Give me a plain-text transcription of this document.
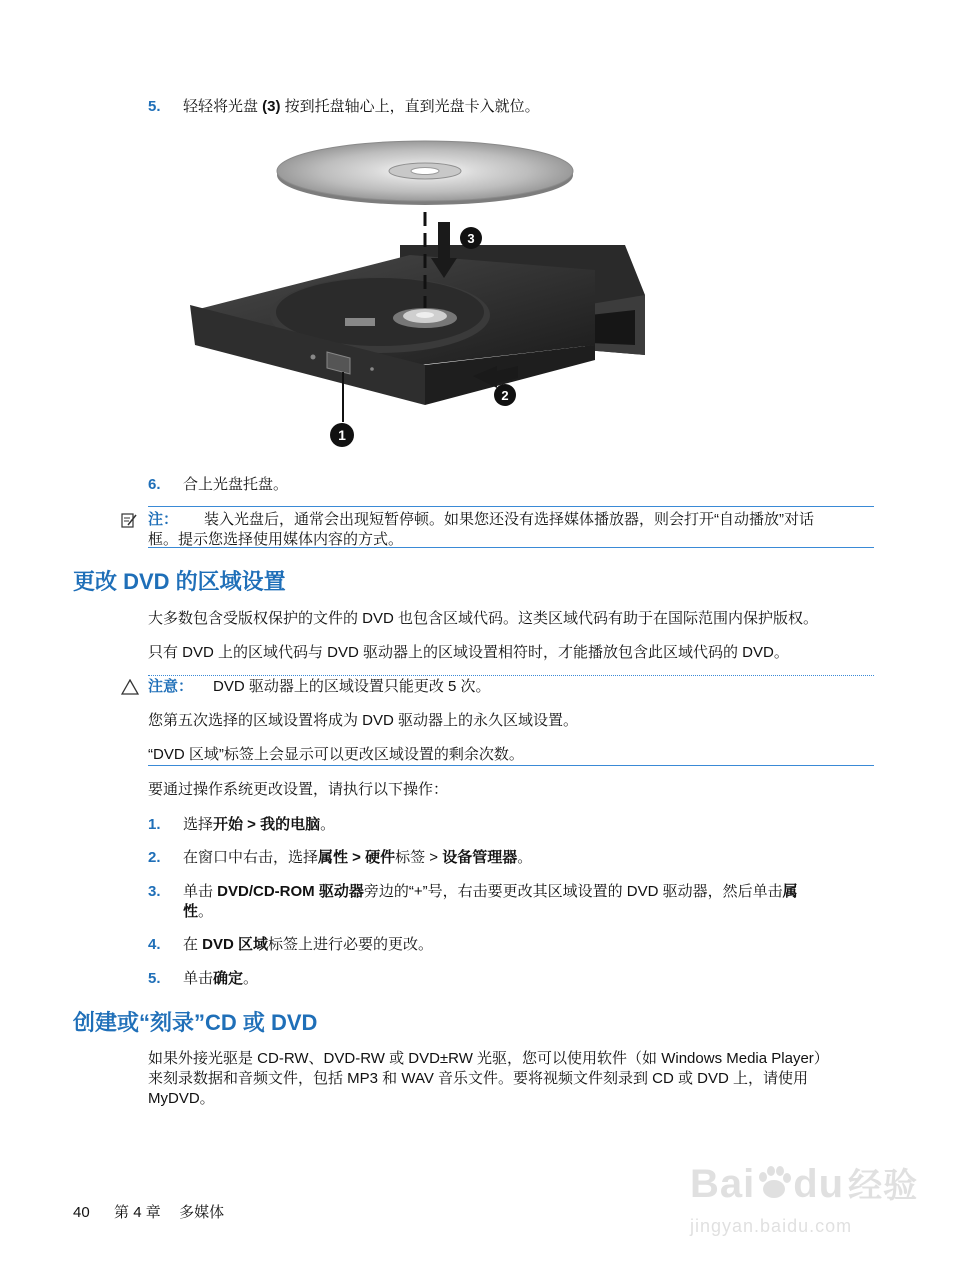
5.	轻轻将光盘 (3) 按到托盘轴心上，直到光盘卡入就位。
1
2
3
6.	合上光盘托盘。
注： 装入光盘后，通常会出现短暂停顿。如果您还没有选择媒体播放器，则会打开“自动播放”对话
框。提示您选择使用媒体内容的方式。
更改 DVD 的区域设置
大多数包含受版权保护的文件的 DVD 也包含区域代码。这类区域代码有助于在国际范围内保护版权。
只有 DVD 上的区域代码与 DVD 驱动器上的区域设置相符时，才能播放包含此区域代码的 DVD。
注意： DVD 驱动器上的区域设置只能更改 5 次。
您第五次选择的区域设置将成为 DVD 驱动器上的永久区域设置。
“DVD 区域”标签上会显示可以更改区域设置的剩余次数。
要通过操作系统更改设置，请执行以下操作：
1.	选择开始 > 我的电脑。
2.	在窗口中右击，选择属性 > 硬件标签 > 设备管理器。
3.	单击 DVD/CD-ROM 驱动器旁边的“+”号，右击要更改其区域设置的 DVD 驱动器，然后单击属
性。
4.	在 DVD 区域标签上进行必要的更改。
5.	单击确定。
创建或“刻录”CD 或 DVD
如果外接光驱是 CD-RW、DVD-RW 或 DVD±RW 光驱，您可以使用软件（如 Windows Media Player）
来刻录数据和音频文件，包括 MP3 和 WAV 音乐文件。要将视频文件刻录到 CD 或 DVD 上，请使用
MyDVD。
40 第 4 章 多媒体
Bai du 经验
jingyan.baidu.com
